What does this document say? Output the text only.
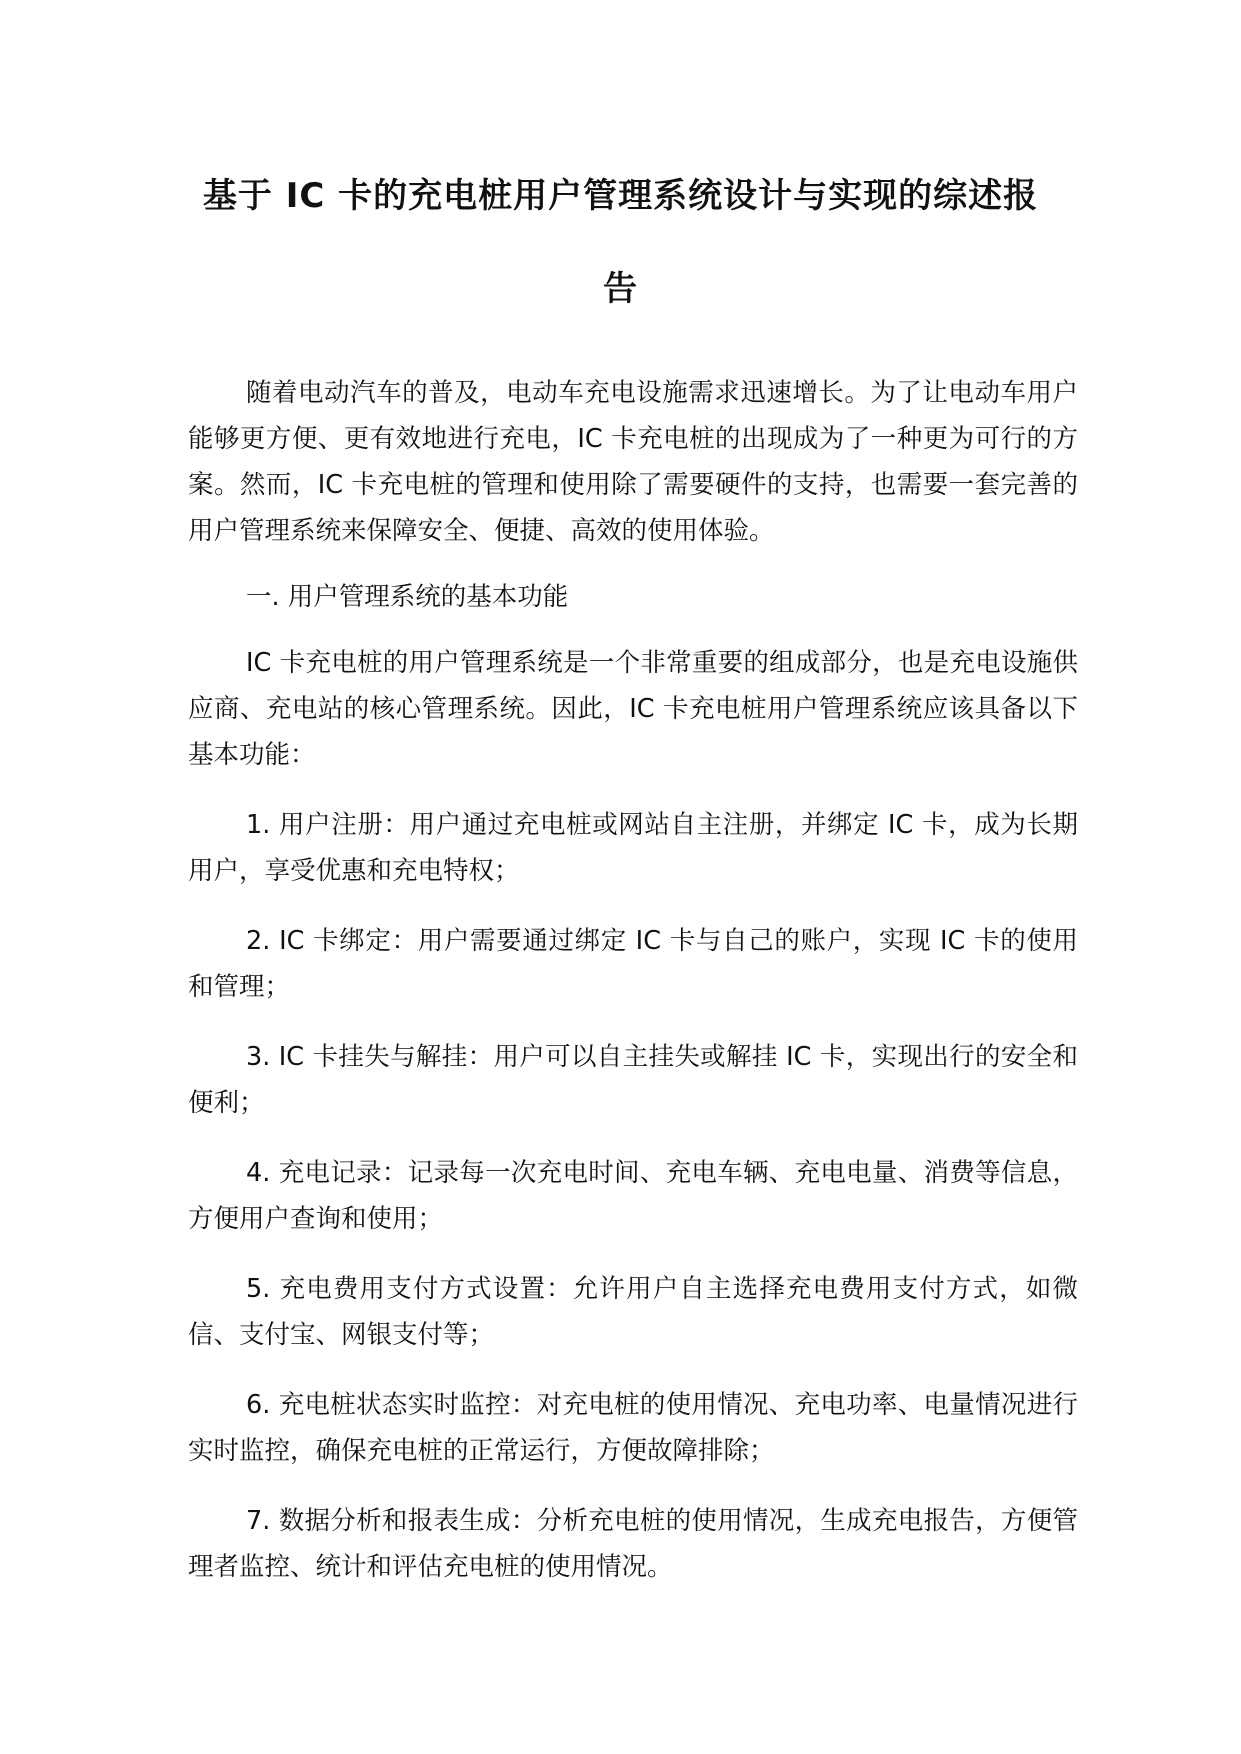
基于 IC 卡的充电桩用户管理系统设计与实现的综述报告

随着电动汽车的普及，电动车充电设施需求迅速增长。为了让电动车用户能够更方便、更有效地进行充电，IC 卡充电桩的出现成为了一种更为可行的方案。然而，IC 卡充电桩的管理和使用除了需要硬件的支持，也需要一套完善的用户管理系统来保障安全、便捷、高效的使用体验。

一. 用户管理系统的基本功能

IC 卡充电桩的用户管理系统是一个非常重要的组成部分，也是充电设施供应商、充电站的核心管理系统。因此，IC 卡充电桩用户管理系统应该具备以下基本功能：

1. 用户注册：用户通过充电桩或网站自主注册，并绑定 IC 卡，成为长期用户，享受优惠和充电特权；

2. IC 卡绑定：用户需要通过绑定 IC 卡与自己的账户，实现 IC 卡的使用和管理；

3. IC 卡挂失与解挂：用户可以自主挂失或解挂 IC 卡，实现出行的安全和便利；

4. 充电记录：记录每一次充电时间、充电车辆、充电电量、消费等信息，方便用户查询和使用；

5. 充电费用支付方式设置：允许用户自主选择充电费用支付方式，如微信、支付宝、网银支付等；

6. 充电桩状态实时监控：对充电桩的使用情况、充电功率、电量情况进行实时监控，确保充电桩的正常运行，方便故障排除；

7. 数据分析和报表生成：分析充电桩的使用情况，生成充电报告，方便管理者监控、统计和评估充电桩的使用情况。
